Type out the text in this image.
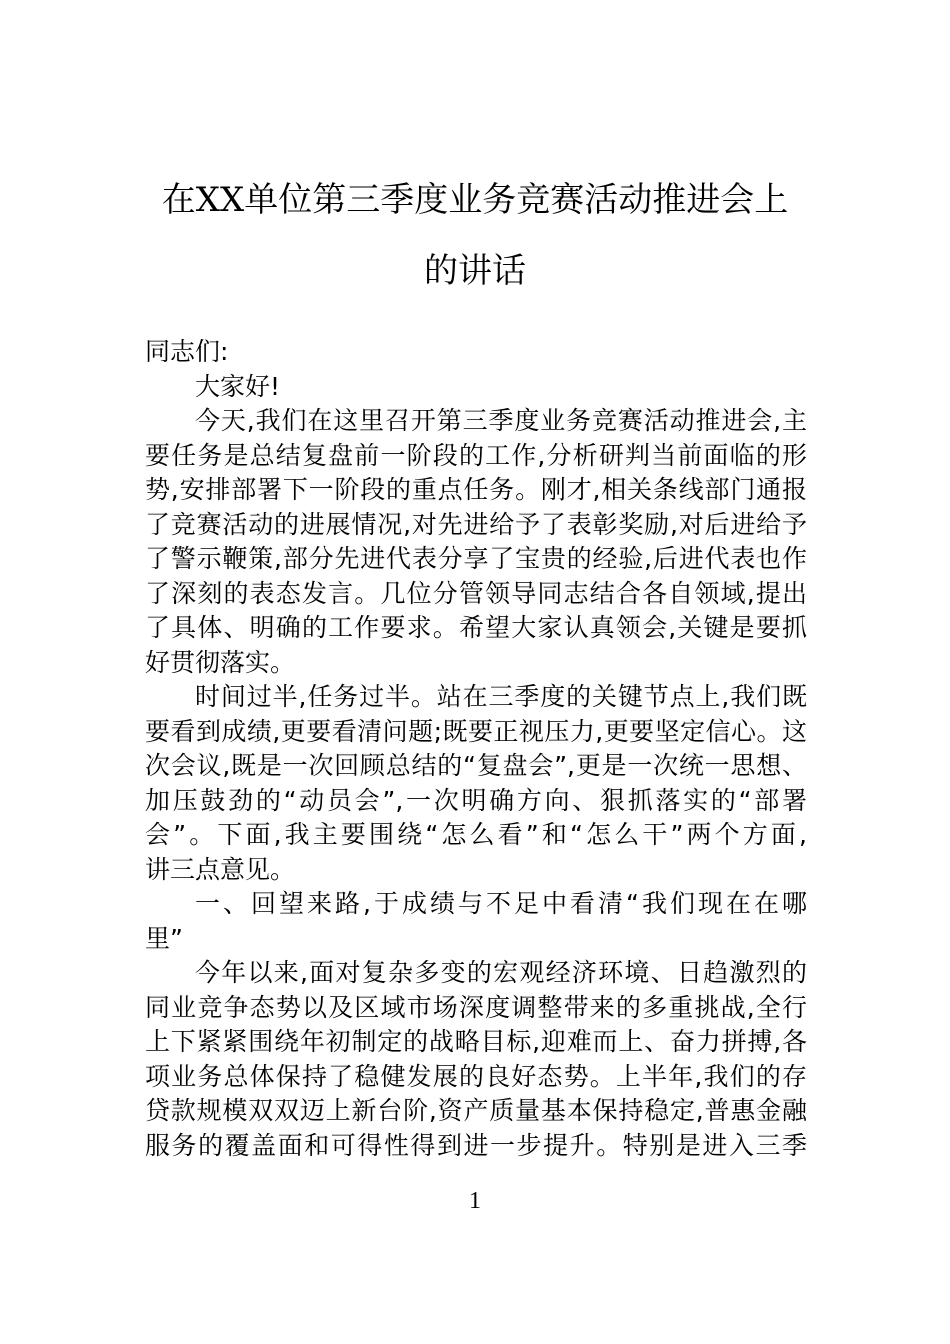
在XX单位第三季度业务竞赛活动推进会上
的讲话
同志们:
大家好!
今天,我们在这里召开第三季度业务竞赛活动推进会,主
要任务是总结复盘前一阶段的工作,分析研判当前面临的形
势,安排部署下一阶段的重点任务。刚才,相关条线部门通报
了竞赛活动的进展情况,对先进给予了表彰奖励,对后进给予
了警示鞭策,部分先进代表分享了宝贵的经验,后进代表也作
了深刻的表态发言。几位分管领导同志结合各自领域,提出
了具体、明确的工作要求。希望大家认真领会,关键是要抓
好贯彻落实。
时间过半,任务过半。站在三季度的关键节点上,我们既
要看到成绩,更要看清问题;既要正视压力,更要坚定信心。这
次会议,既是一次回顾总结的“复盘会”,更是一次统一思想、
加压鼓劲的“动员会”,一次明确方向、狠抓落实的“部署
会”。下面,我主要围绕“怎么看”和“怎么干”两个方面,
讲三点意见。
一、回望来路,于成绩与不足中看清“我们现在在哪
里”
今年以来,面对复杂多变的宏观经济环境、日趋激烈的
同业竞争态势以及区域市场深度调整带来的多重挑战,全行
上下紧紧围绕年初制定的战略目标,迎难而上、奋力拼搏,各
项业务总体保持了稳健发展的良好态势。上半年,我们的存
贷款规模双双迈上新台阶,资产质量基本保持稳定,普惠金融
服务的覆盖面和可得性得到进一步提升。特别是进入三季
1
